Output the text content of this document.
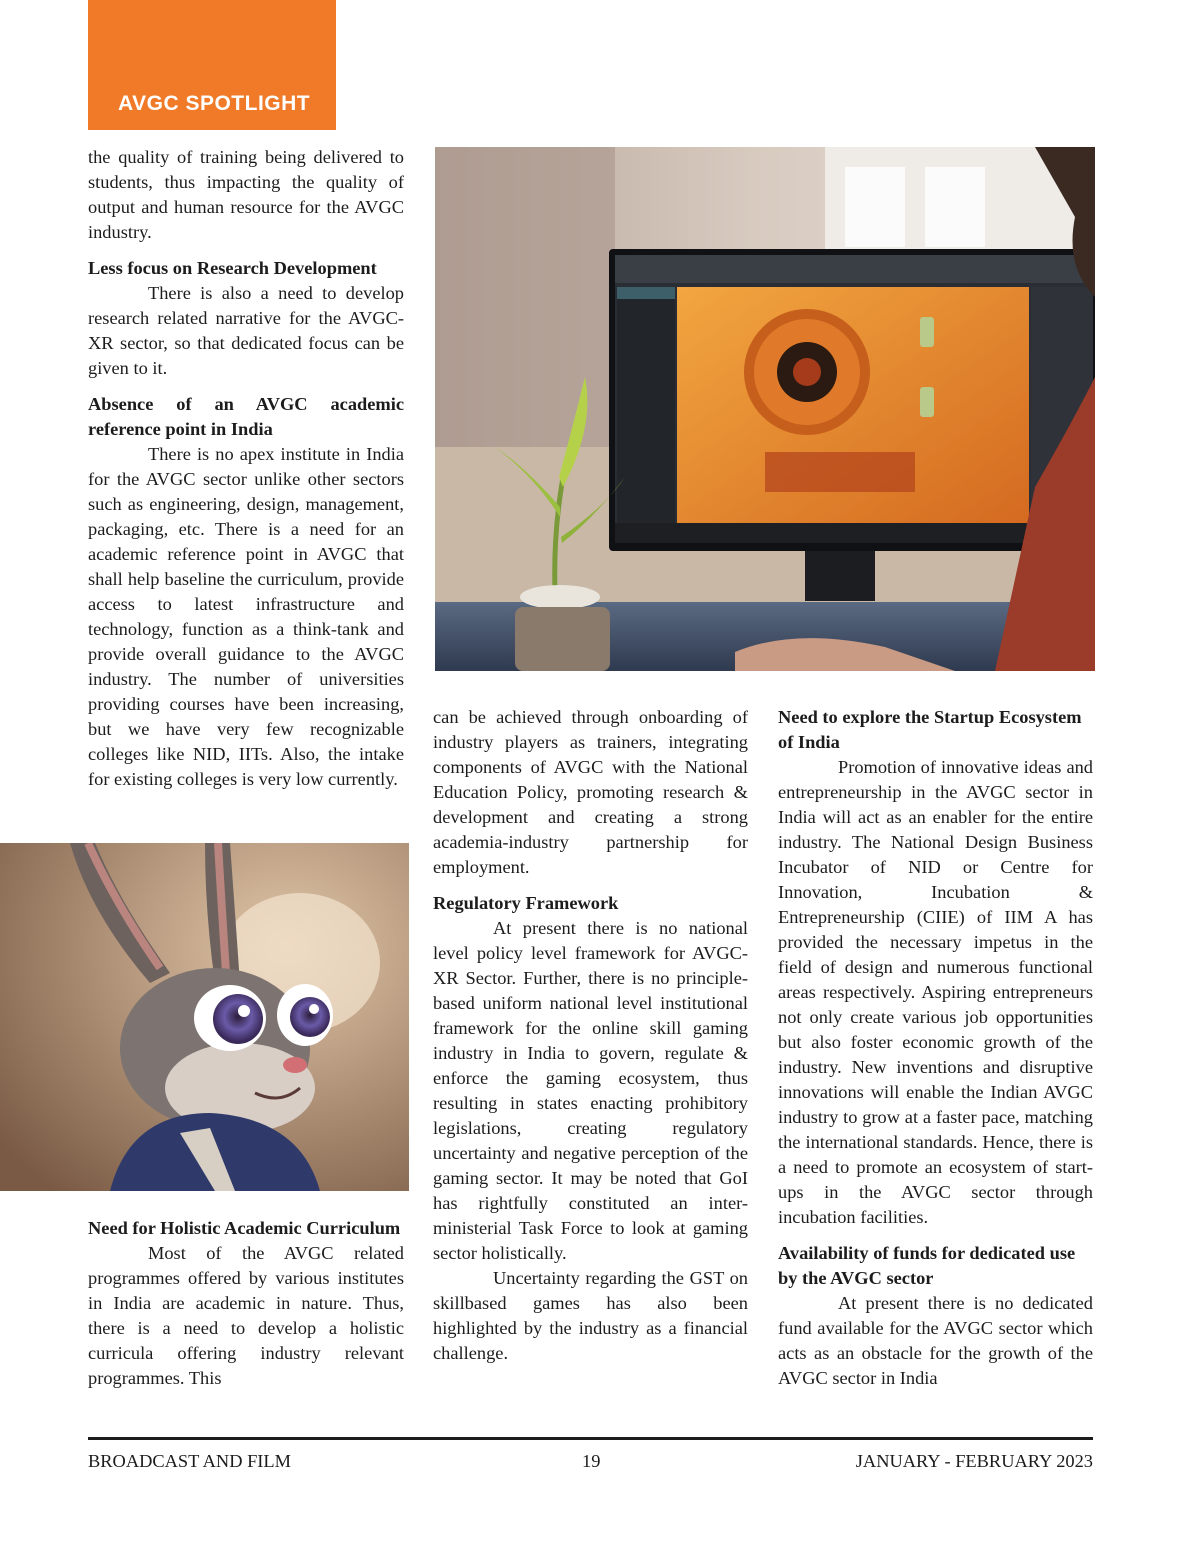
AVGC SPOTLIGHT

the quality of training being delivered to students, thus impacting the quality of output and human resource for the AVGC industry.

Less focus on Research Development

There is also a need to develop research related narrative for the AVGC-XR sector, so that dedicated focus can be given to it.

Absence of an AVGC academic reference point in India

There is no apex institute in India for the AVGC sector unlike other sectors such as engineering, design, management, packaging, etc. There is a need for an academic reference point in AVGC that shall help baseline the curriculum, provide access to latest infrastructure and technology, function as a think-tank and provide overall guidance to the AVGC industry. The number of universities providing courses have been increasing, but we have very few recognizable colleges like NID, IITs. Also, the intake for existing colleges is very low currently.

Need for Holistic Academic Curriculum

Most of the AVGC related programmes offered by various institutes in India are academic in nature. Thus, there is a need to develop a holistic curricula offering industry relevant programmes. This

can be achieved through onboarding of industry players as trainers, integrating components of AVGC with the National Education Policy, promoting research & development and creating a strong academia-industry partnership for employment.

Regulatory Framework

At present there is no national level policy level framework for AVGC-XR Sector. Further, there is no principle-based uniform national level institutional framework for the online skill gaming industry in India to govern, regulate & enforce the gaming ecosystem, thus resulting in states enacting prohibitory legislations, creating regulatory uncertainty and negative perception of the gaming sector. It may be noted that GoI has rightfully constituted an inter-ministerial Task Force to look at gaming sector holistically.

Uncertainty regarding the GST on skillbased games has also been highlighted by the industry as a financial challenge.

Need to explore the Startup Ecosystem of India

Promotion of innovative ideas and entrepreneurship in the AVGC sector in India will act as an enabler for the entire industry. The National Design Business Incubator of NID or Centre for Innovation, Incubation & Entrepreneurship (CIIE) of IIM A has provided the necessary impetus in the field of design and numerous functional areas respectively. Aspiring entrepreneurs not only create various job opportunities but also foster economic growth of the industry. New inventions and disruptive innovations will enable the Indian AVGC industry to grow at a faster pace, matching the international standards. Hence, there is a need to promote an ecosystem of start-ups in the AVGC sector through incubation facilities.

Availability of funds for dedicated use by the AVGC sector

At present there is no dedicated fund available for the AVGC sector which acts as an obstacle for the growth of the AVGC sector in India

BROADCAST AND FILM	19	JANUARY - FEBRUARY 2023
